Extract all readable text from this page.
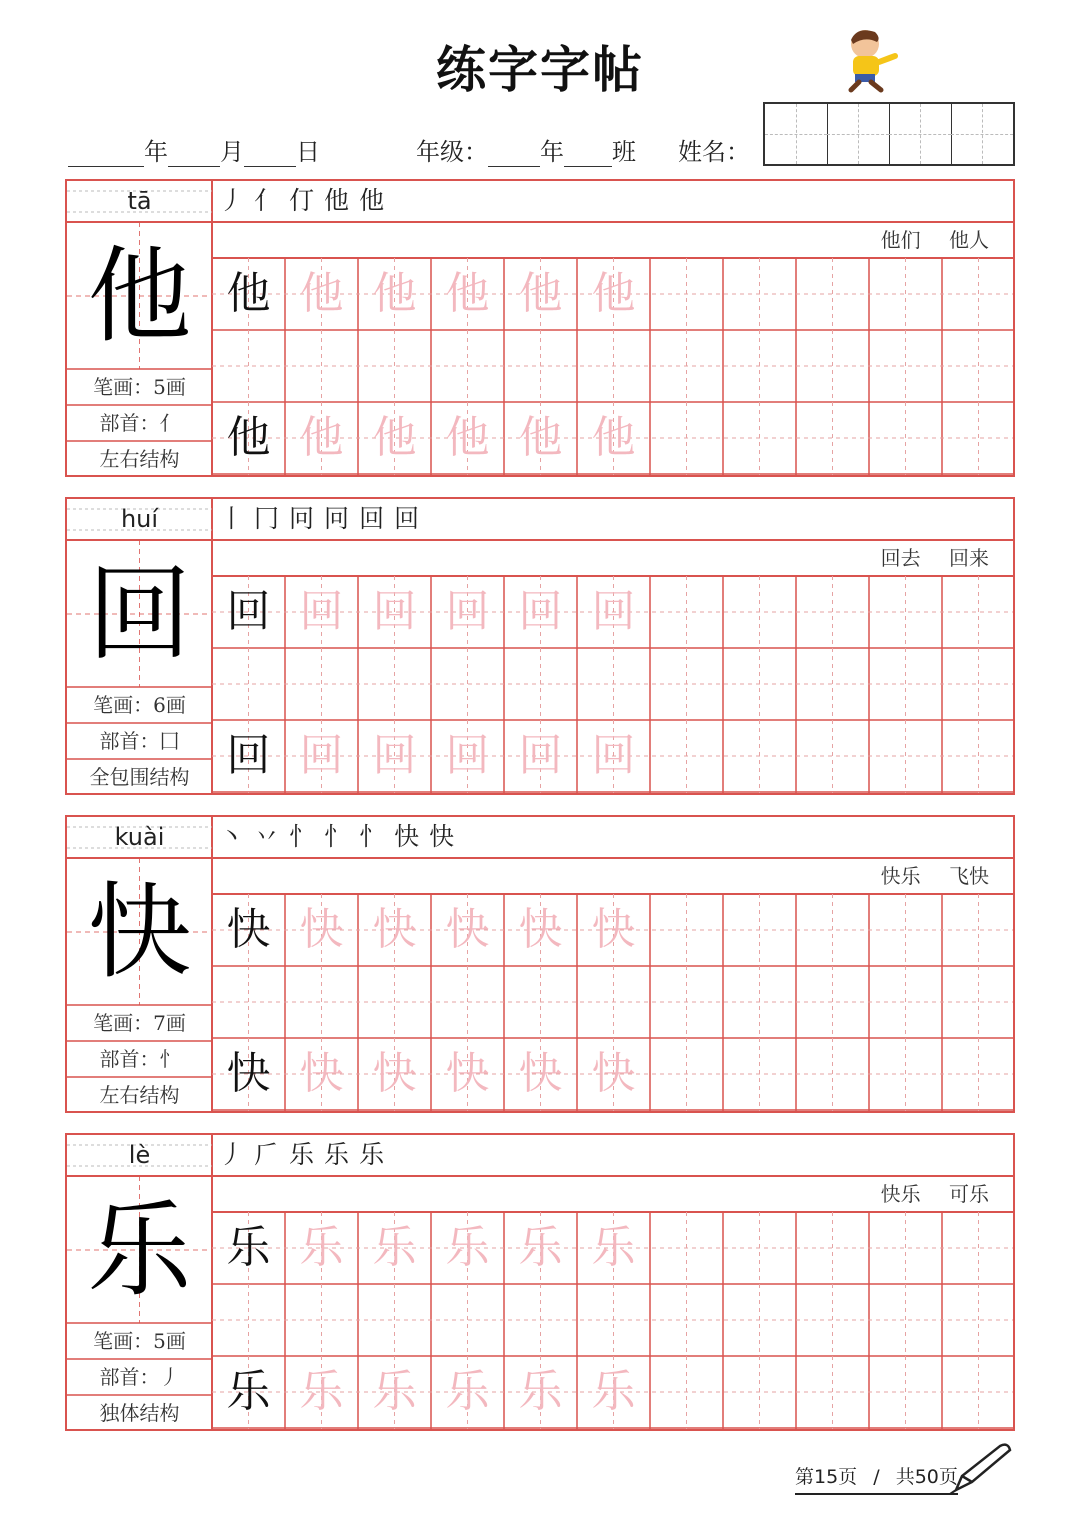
练字字帖
年 月 日	年级： 年 班 姓名：
tā
他
笔画：5画
部首：亻
左右结构
他们 他人
丿 亻 仃 他 他
他 他 他 他 他 他
他 他 他 他 他 他
huí
回
笔画：6画
部首：囗
全包围结构
回去 回来
丨 冂 冋 冋 回 回
回 回 回 回 回 回
回 回 回 回 回 回
kuài
快
笔画：7画
部首：忄
左右结构
快乐 飞快
丶 丷 忄 忄 忄 快 快
快 快 快 快 快 快
快 快 快 快 快 快
lè
乐
笔画：5画
部首：丿
独体结构
快乐 可乐
丿 𠂆 乐 乐 乐
乐 乐 乐 乐 乐 乐
乐 乐 乐 乐 乐 乐
第15页 / 共50页
